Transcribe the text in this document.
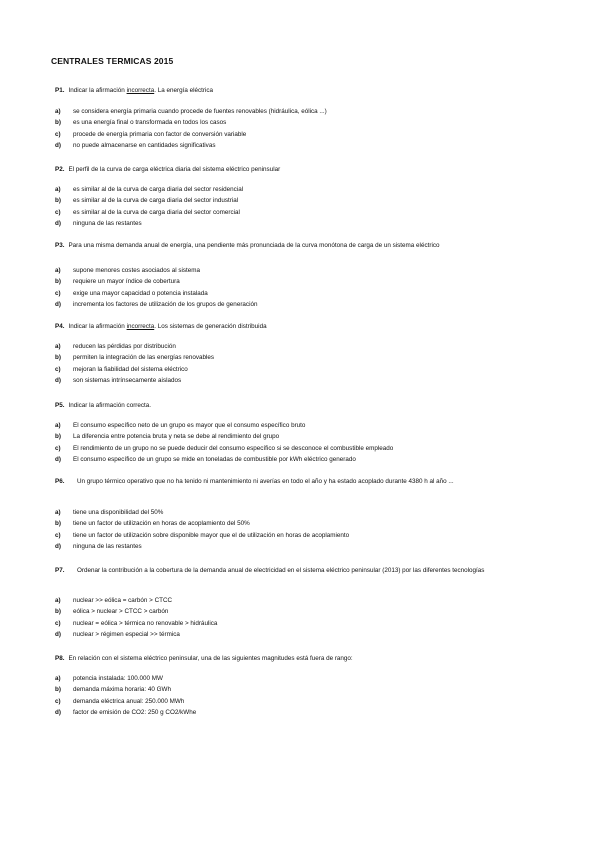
CENTRALES TERMICAS 2015
P1. Indicar la afirmación incorrecta. La energía eléctrica
a)	se considera energía primaria cuando procede de fuentes renovables (hidráulica, eólica ...)
b)	es una energía final o transformada en todos los casos
c)	procede de energía primaria con factor de conversión variable
d)	no puede almacenarse en cantidades significativas
P2. El perfil de la curva de carga eléctrica diaria del sistema eléctrico peninsular
a)	es similar al de la curva de carga diaria del sector residencial
b)	es similar al de la curva de carga diaria del sector industrial
c)	es similar al de la curva de carga diaria del sector comercial
d)	ninguna de las restantes
P3. Para una misma demanda anual de energía, una pendiente más pronunciada de la curva monótona de carga de un sistema eléctrico
a)	supone menores costes asociados al sistema
b)	requiere un mayor índice de cobertura
c)	exige una mayor capacidad o potencia instalada
d)	incrementa los factores de utilización de los grupos de generación
P4. Indicar la afirmación incorrecta. Los sistemas de generación distribuida
a)	reducen las pérdidas por distribución
b)	permiten la integración de las energías renovables
c)	mejoran la fiabilidad del sistema eléctrico
d)	son sistemas intrínsecamente aislados
P5. Indicar la afirmación correcta.
a)	El consumo específico neto de un grupo es mayor que el consumo específico bruto
b)	La diferencia entre potencia bruta y neta se debe al rendimiento del grupo
c)	El rendimiento de un grupo no se puede deducir del consumo específico si se desconoce el combustible empleado
d)	El consumo específico de un grupo se mide en toneladas de combustible por kWh eléctrico generado
P6.	Un grupo térmico operativo que no ha tenido ni mantenimiento ni averías en todo el año y ha estado acoplado durante 4380 h al año ...
a)	tiene una disponibilidad del 50%
b)	tiene un factor de utilización en horas de acoplamiento del 50%
c)	tiene un factor de utilización sobre disponible mayor que el de utilización en horas de acoplamiento
d)	ninguna de las restantes
P7.	Ordenar la contribución a la cobertura de la demanda anual de electricidad en el sistema eléctrico peninsular (2013) por las diferentes tecnologías
a)	nuclear >> eólica = carbón > CTCC
b)	eólica > nuclear > CTCC > carbón
c)	nuclear = eólica > térmica no renovable > hidráulica
d)	nuclear > régimen especial >> térmica
P8. En relación con el sistema eléctrico peninsular, una de las siguientes magnitudes está fuera de rango:
a)	potencia instalada: 100.000 MW
b)	demanda máxima horaria: 40 GWh
c)	demanda eléctrica anual: 250.000 MWh
d)	factor de emisión de CO2: 250 g CO2/kWhe
